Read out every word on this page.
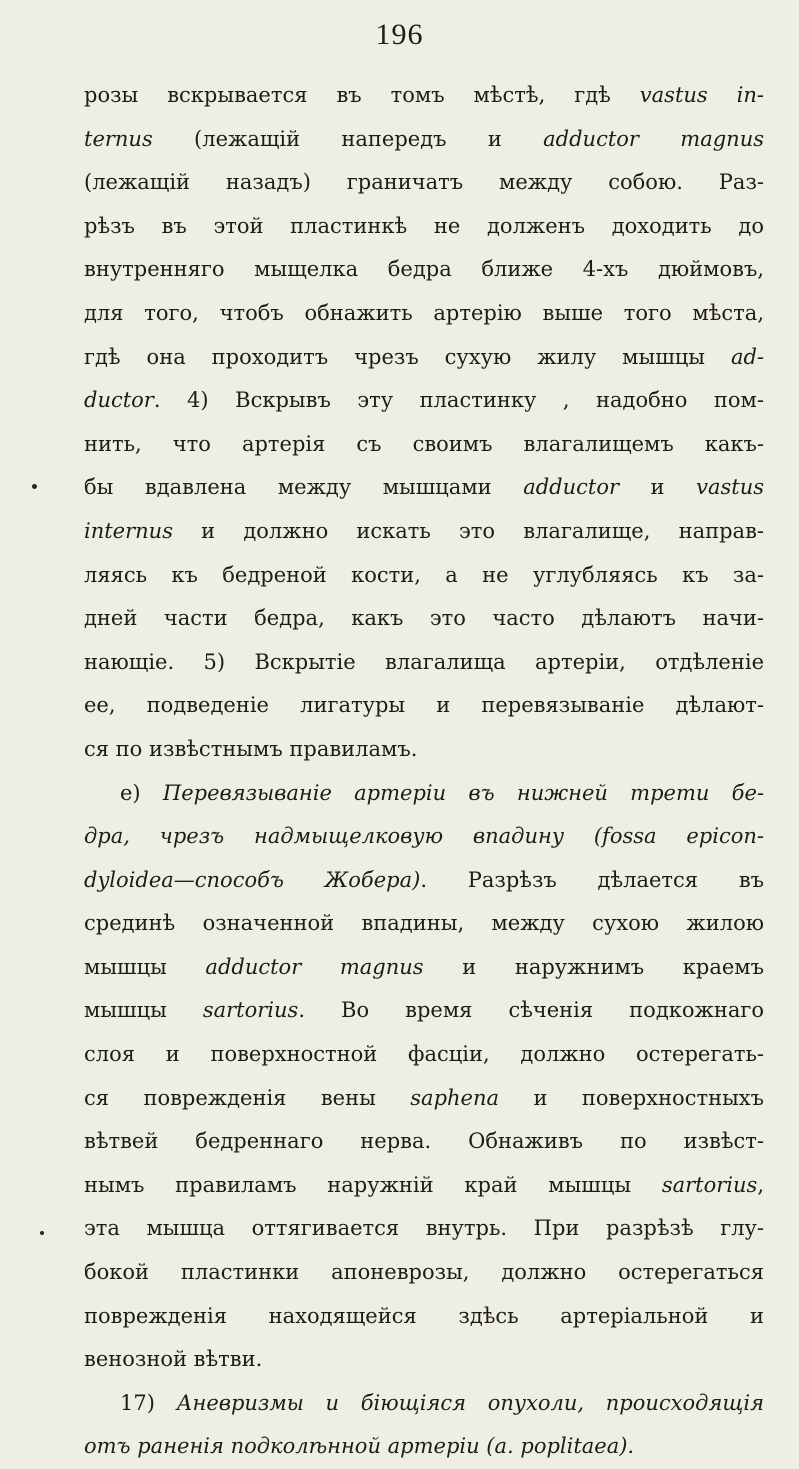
196
розы вскрывается въ томъ мѣстѣ, гдѣ vastus in-
ternus (лежащій напередъ и adductor magnus
(лежащій назадъ) граничатъ между собою. Раз-
рѣзъ въ этой пластинкѣ не долженъ доходить до
внутренняго мыщелка бедра ближе 4-хъ дюймовъ,
для того, чтобъ обнажить артерію выше того мѣста,
гдѣ она проходитъ чрезъ сухую жилу мышцы ad-
ductor. 4) Вскрывъ эту пластинку , надобно пом-
нить, что артерія съ своимъ влагалищемъ какъ-
бы вдавлена между мышцами adductor и vastus
internus и должно искать это влагалище, направ-
ляясь къ бедреной кости, а не углубляясь къ за-
дней части бедра, какъ это часто дѣлаютъ начи-
нающіе. 5) Вскрытіе влагалища артеріи, отдѣленіе
ее, подведеніе лигатуры и перевязываніе дѣлают-
ся по извѣстнымъ правиламъ.
е) Перевязываніе артеріи въ нижней трети бе-
дра, чрезъ надмыщелковую впадину (fossa epicon-
dyloidea—способъ Жобера). Разрѣзъ дѣлается въ
срединѣ означенной впадины, между сухою жилою
мышцы adductor magnus и наружнимъ краемъ
мышцы sartorius. Во время сѣченія подкожнаго
слоя и поверхностной фасціи, должно остерегать-
ся поврежденія вены saphena и поверхностныхъ
вѣтвей бедреннаго нерва. Обнаживъ по извѣст-
нымъ правиламъ наружній край мышцы sartorius,
эта мышца оттягивается внутрь. При разрѣзѣ глу-
бокой пластинки апоневрозы, должно остерегаться
поврежденія находящейся здѣсь артеріальной и
венозной вѣтви.
17) Аневризмы и біющіяся опухоли, происходящія
отъ раненія подколѣнной артеріи (a. poplitaea).
